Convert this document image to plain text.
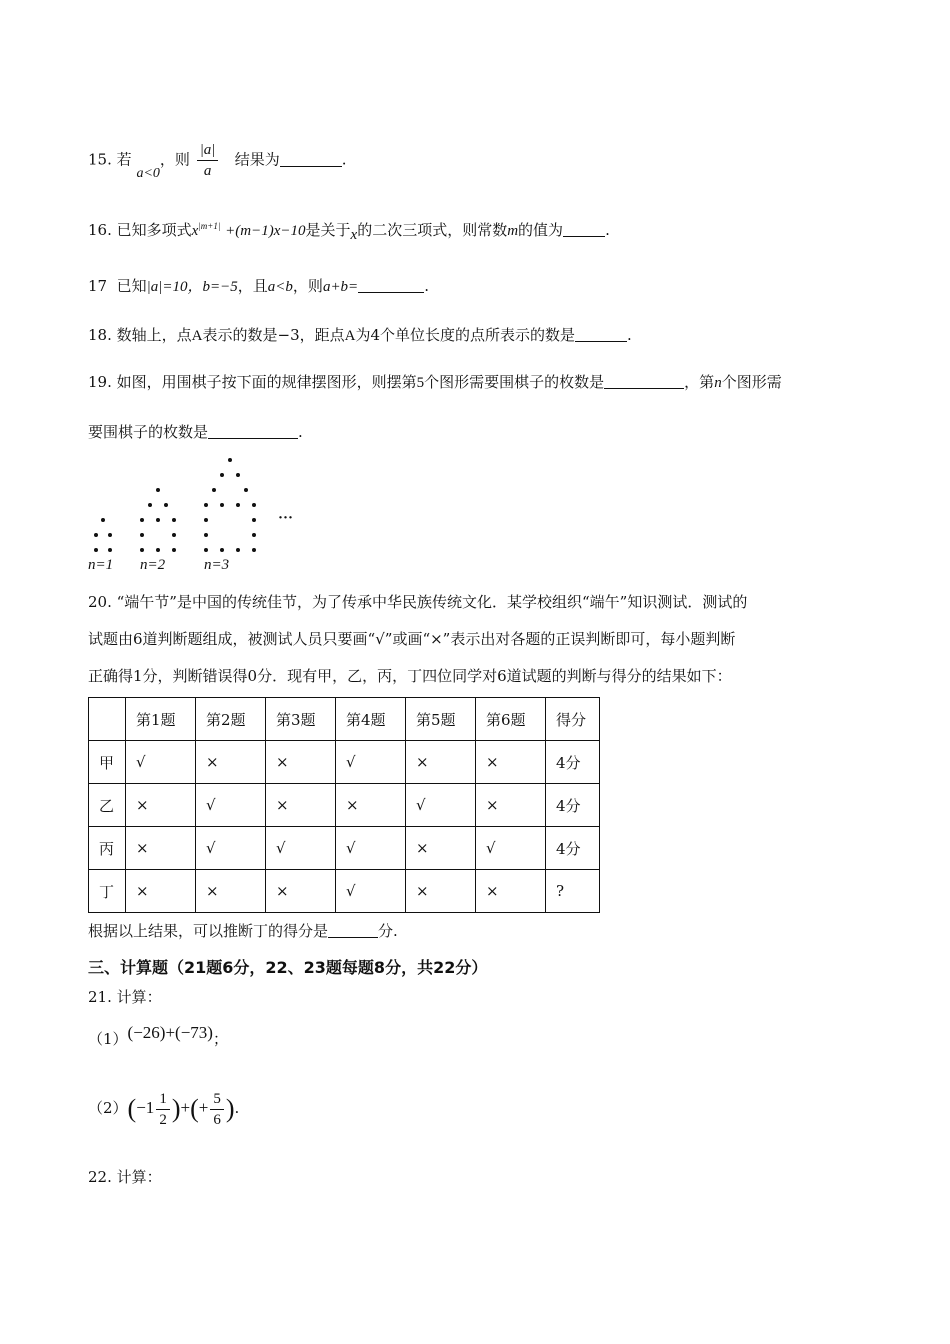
15. 若 a<0，则 $\frac{|a|}{a}$ 结果为	.
16. 已知多项式$x^{|m+1|} +(m-1)x-10$是关于x的二次三项式，则常数m的值为	.
17 已知|a|=10，b=−5，且a<b，则a+b=	.
18. 数轴上，点A表示的数是−3，距点A为4个单位长度的点所表示的数是	.
19. 如图，用围棋子按下面的规律摆图形，则摆第5个图形需要围棋子的枚数是	，第n个图形需
要围棋子的枚数是	.
···
n=1 n=2	n=3
20. “端午节”是中国的传统佳节，为了传承中华民族传统文化．某学校组织“端午”知识测试．测试的
试题由6道判断题组成，被测试人员只要画“√”或画“×”表示出对各题的正误判断即可，每小题判断
正确得1分，判断错误得0分．现有甲，乙，丙，丁四位同学对6道试题的判断与得分的结果如下：
	第1题	第2题	第3题	第4题	第5题	第6题	得分
甲	√	×	×	√	×	×	4分
乙	×	√	×	×	√	×	4分
丙	×	√	√	√	×	√	4分
丁	×	×	×	√	×	×	?
根据以上结果，可以推断丁的得分是	分.
三、计算题（21题6分，22、23题每题8分，共22分）
21. 计算：
（1）(−26)+(−73)；
$(2)(-1 \frac{1}{2}$ )+(+ $\frac{5}{6}$ ).
22. 计算：
